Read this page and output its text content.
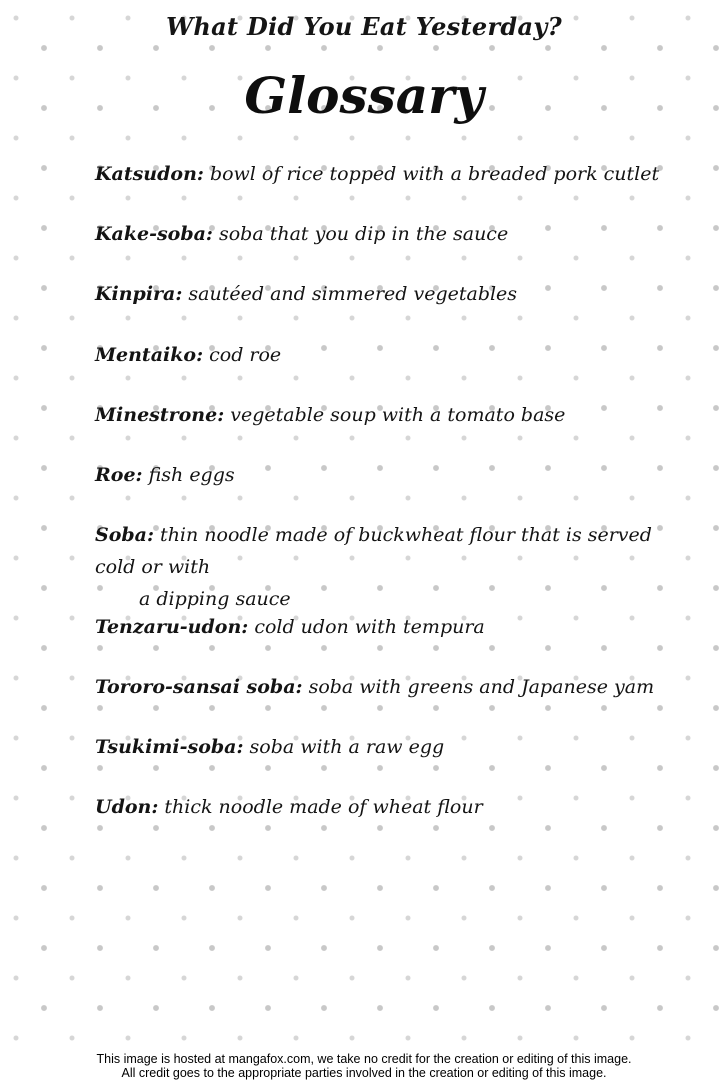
What Did You Eat Yesterday?
Glossary

Katsudon: bowl of rice topped with a breaded pork cutlet

Kake-soba: soba that you dip in the sauce

Kinpira: sautéed and simmered vegetables

Mentaiko: cod roe

Minestrone: vegetable soup with a tomato base

Roe: fish eggs

Soba: thin noodle made of buckwheat flour that is served cold or with
a dipping sauce

Tenzaru-udon: cold udon with tempura

Tororo-sansai soba: soba with greens and Japanese yam

Tsukimi-soba: soba with a raw egg

Udon: thick noodle made of wheat flour

This image is hosted at mangafox.com, we take no credit for the creation or editing of this image.
All credit goes to the appropriate parties involved in the creation or editing of this image.
